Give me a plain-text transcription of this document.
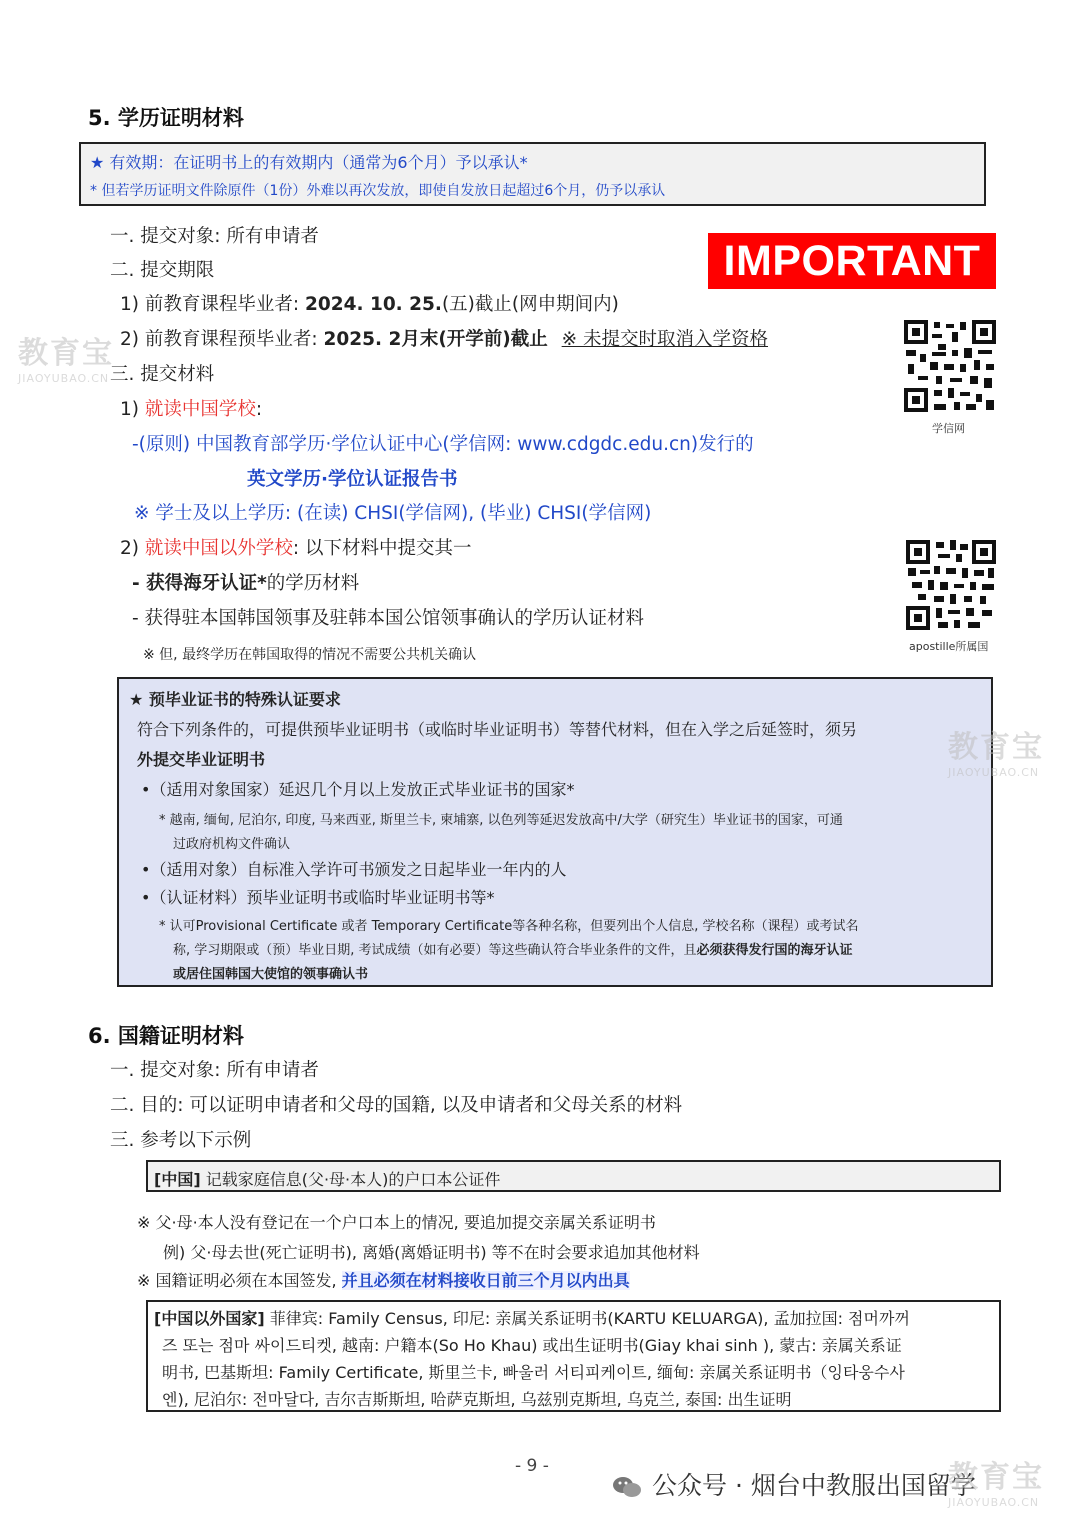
5. 学历证明材料
★ 有效期：在证明书上的有效期内（通常为6个月）予以承认*
* 但若学历证明文件除原件（1份）外难以再次发放，即使自发放日起超过6个月，仍予以承认
一. 提交对象: 所有申请者
二. 提交期限	IMPORTANT
1) 前教育课程毕业者: 2024. 10. 25.(五)截止(网申期间内)
2) 前教育课程预毕业者: 2025. 2月末(开学前)截止 ※ 未提交时取消入学资格
三. 提交材料
1) 就读中国学校:
-(原则) 中国教育部学历·学位认证中心(学信网: www.cdgdc.edu.cn)发行的
英文学历·学位认证报告书
※ 学士及以上学历: (在读) CHSI(学信网), (毕业) CHSI(学信网)
学信网
2) 就读中国以外学校: 以下材料中提交其一
- 获得海牙认证*的学历材料
- 获得驻本国韩国领事及驻韩本国公馆领事确认的学历认证材料
※ 但, 最终学历在韩国取得的情况不需要公共机关确认
apostille所属国
★ 预毕业证书的特殊认证要求
符合下列条件的，可提供预毕业证明书（或临时毕业证明书）等替代材料，但在入学之后延签时，须另
外提交毕业证明书
•（适用对象国家）延迟几个月以上发放正式毕业证书的国家*
* 越南, 缅甸, 尼泊尔, 印度, 马来西亚, 斯里兰卡, 柬埔寨, 以色列等延迟发放高中/大学（研究生）毕业证书的国家，可通
过政府机构文件确认
•（适用对象）自标准入学许可书颁发之日起毕业一年内的人
•（认证材料）预毕业证明书或临时毕业证明书等*
* 认可Provisional Certificate 或者 Temporary Certificate等各种名称，但要列出个人信息, 学校名称（课程）或考试名
称, 学习期限或（预）毕业日期, 考试成绩（如有必要）等这些确认符合毕业条件的文件，且必须获得发行国的海牙认证
或居住国韩国大使馆的领事确认书
6. 国籍证明材料
一. 提交对象: 所有申请者
二. 目的: 可以证明申请者和父母的国籍, 以及申请者和父母关系的材料
三. 参考以下示例
[中国] 记载家庭信息(父·母·本人)的户口本公证件
※ 父·母·本人没有登记在一个户口本上的情况, 要追加提交亲属关系证明书
例) 父·母去世(死亡证明书), 离婚(离婚证明书) 等不在时会要求追加其他材料
※ 国籍证明必须在本国签发, 并且必须在材料接收日前三个月以内出具
[中国以外国家] 菲律宾: Family Census, 印尼: 亲属关系证明书(KARTU KELUARGA), 孟加拉国: 점머까꺼
즈 또는 점마 싸이드티켓, 越南: 户籍本(So Ho Khau) 或出生证明书(Giay khai sinh ), 蒙古: 亲属关系证
明书, 巴基斯坦: Family Certificate, 斯里兰卡, 빠울러 서티피케이트, 缅甸: 亲属关系证明书（잉타웅수사
엔), 尼泊尔: 전마달다, 吉尔吉斯斯坦, 哈萨克斯坦, 乌兹别克斯坦, 乌克兰, 泰国: 出生证明
- 9 -
公众号 · 烟台中教服出国留学
教育宝
JIAOYUBAO.CN
教育宝
JIAOYUBAO.CN
教育宝
JIAOYUBAO.CN
